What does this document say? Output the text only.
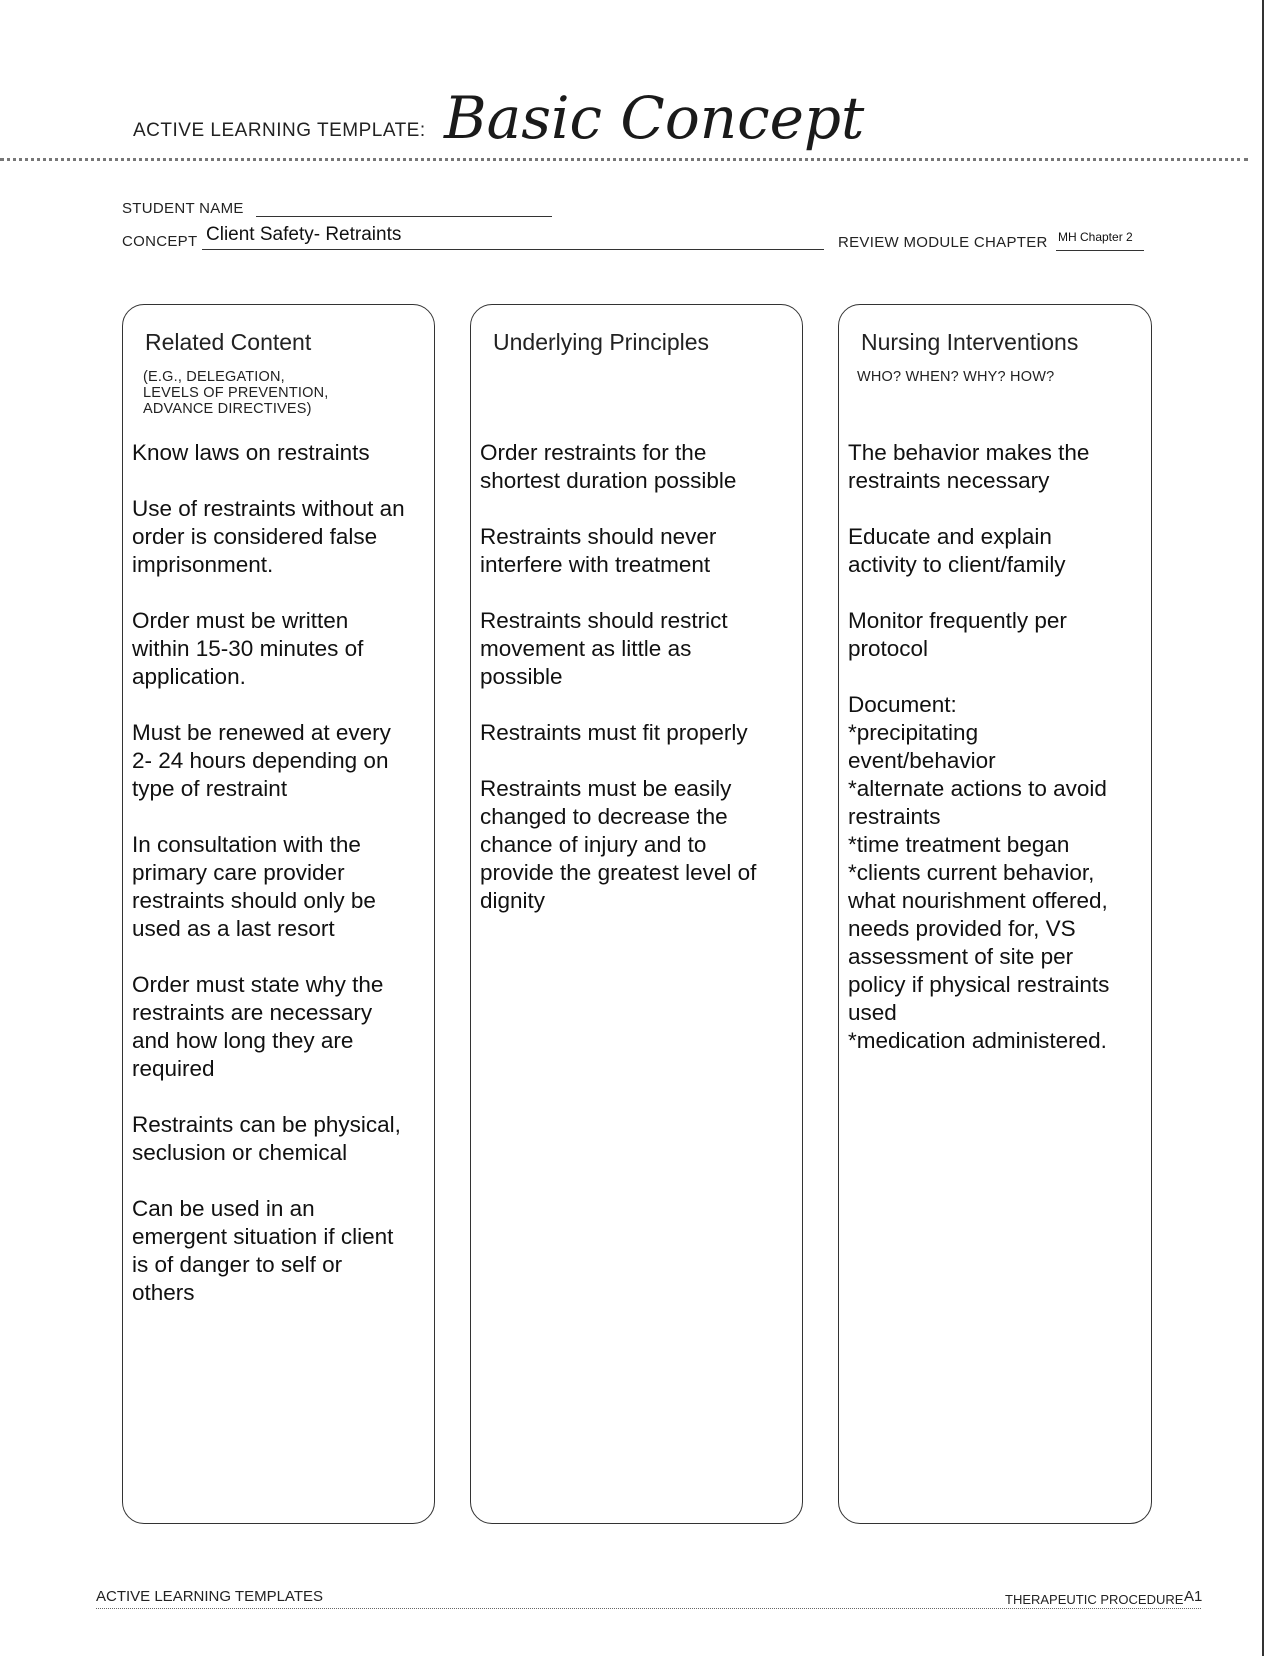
ACTIVE LEARNING TEMPLATE: Basic Concept
STUDENT NAME
CONCEPT Client Safety- Retraints	REVIEW MODULE CHAPTER MH Chapter 2
Related Content
(E.G., DELEGATION,
LEVELS OF PREVENTION,
ADVANCE DIRECTIVES)

Know laws on restraints

Use of restraints without an
order is considered false
imprisonment.

Order must be written
within 15-30 minutes of
application.

Must be renewed at every
2- 24 hours depending on
type of restraint

In consultation with the
primary care provider
restraints should only be
used as a last resort

Order must state why the
restraints are necessary
and how long they are
required

Restraints can be physical,
seclusion or chemical

Can be used in an
emergent situation if client
is of danger to self or
others

Underlying Principles

Order restraints for the
shortest duration possible

Restraints should never
interfere with treatment

Restraints should restrict
movement as little as
possible

Restraints must fit properly

Restraints must be easily
changed to decrease the
chance of injury and to
provide the greatest level of
dignity

Nursing Interventions
WHO? WHEN? WHY? HOW?

The behavior makes the
restraints necessary

Educate and explain
activity to client/family

Monitor frequently per
protocol

Document:
*precipitating
event/behavior
*alternate actions to avoid
restraints
*time treatment began
*clients current behavior,
what nourishment offered,
needs provided for, VS
assessment of site per
policy if physical restraints
used
*medication administered.

ACTIVE LEARNING TEMPLATES	THERAPEUTIC PROCEDURE A1
